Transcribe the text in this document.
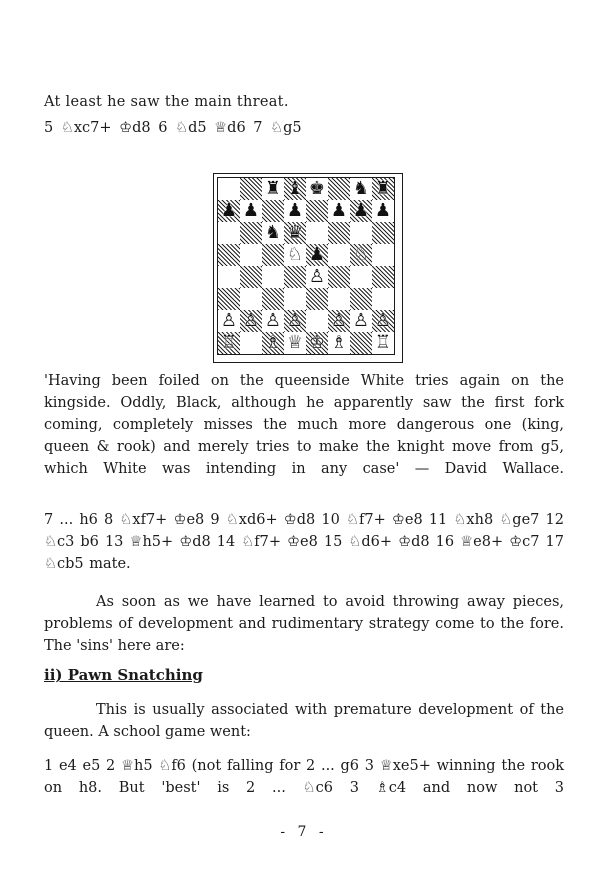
At least he saw the main threat.
5 ♘xc7+ ♔d8 6 ♘d5 ♕d6 7 ♘g5
♜ ♝ ♚ ♞ ♜
♟ ♟ ♟ ♟ ♟ ♟
♞ ♛
♘ ♟ ♘
♙
♙ ♙ ♙ ♙ ♙ ♙ ♙
♖ ♗ ♕ ♔ ♗ ♖
'Having been foiled on the queenside White tries again on the kingside. Oddly, Black, although he apparently saw the first fork coming, completely misses the much more dangerous one (king, queen & rook) and merely tries to make the knight move from g5, which White was intending in any case' — David Wallace.
7 ... h6 8 ♘xf7+ ♔e8 9 ♘xd6+ ♔d8 10 ♘f7+ ♔e8 11 ♘xh8 ♘ge7 12 ♘c3 b6 13 ♕h5+ ♔d8 14 ♘f7+ ♔e8 15 ♘d6+ ♔d8 16 ♕e8+ ♔c7 17 ♘cb5 mate.
As soon as we have learned to avoid throwing away pieces, problems of development and rudimentary strategy come to the fore. The 'sins' here are:
ii) Pawn Snatching
This is usually associated with premature development of the queen. A school game went:
1 e4 e5 2 ♕h5 ♘f6 (not falling for 2 ... g6 3 ♕xe5+ winning the rook on h8. But 'best' is 2 ... ♘c6 3 ♗c4 and now not 3
- 7 -
